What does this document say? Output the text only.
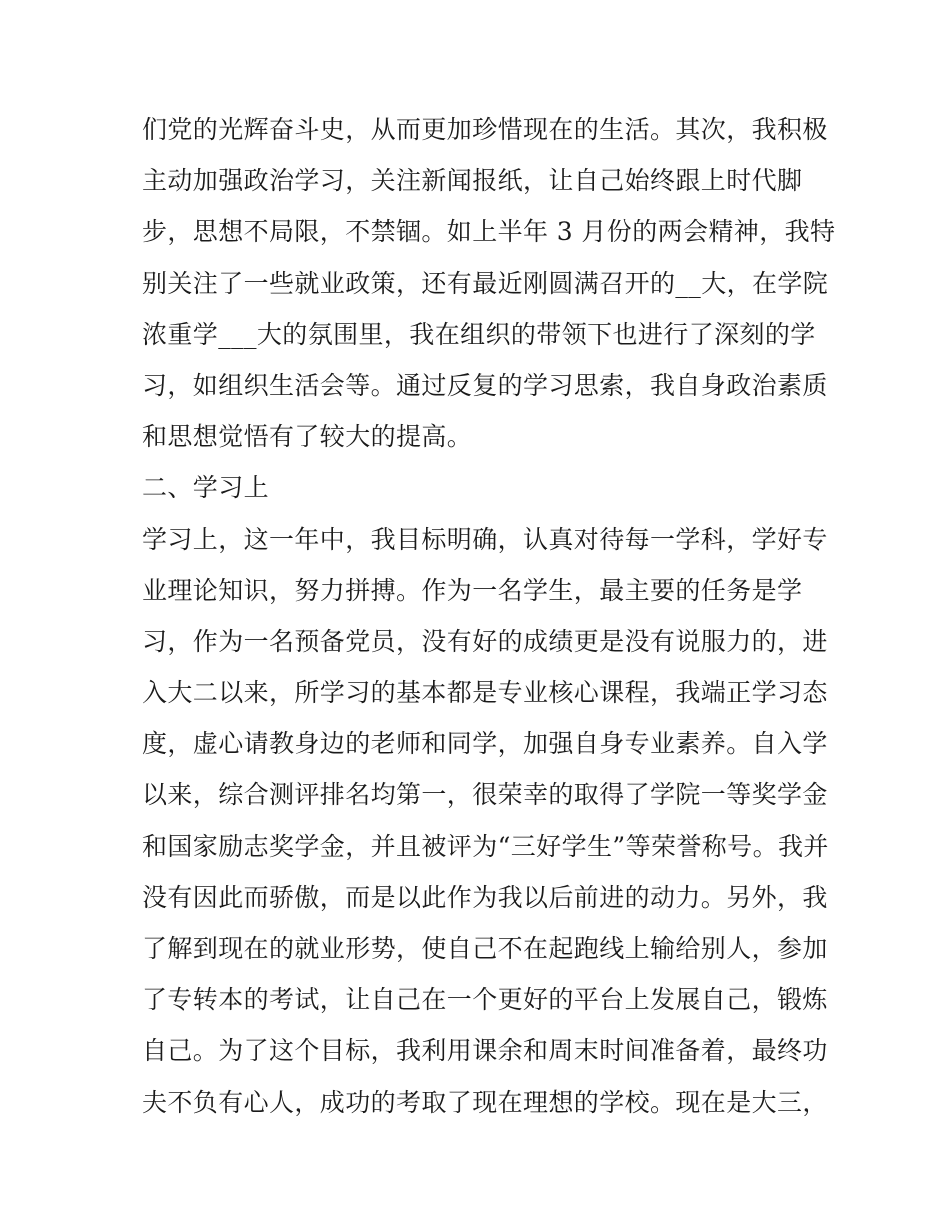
们党的光辉奋斗史，从而更加珍惜现在的生活。其次，我积极
主动加强政治学习，关注新闻报纸，让自己始终跟上时代脚
步，思想不局限，不禁锢。如上半年 3 月份的两会精神，我特
别关注了一些就业政策，还有最近刚圆满召开的__大，在学院
浓重学___大的氛围里，我在组织的带领下也进行了深刻的学
习，如组织生活会等。通过反复的学习思索，我自身政治素质
和思想觉悟有了较大的提高。
二、学习上
学习上，这一年中，我目标明确，认真对待每一学科，学好专
业理论知识，努力拼搏。作为一名学生，最主要的任务是学
习，作为一名预备党员，没有好的成绩更是没有说服力的，进
入大二以来，所学习的基本都是专业核心课程，我端正学习态
度，虚心请教身边的老师和同学，加强自身专业素养。自入学
以来，综合测评排名均第一，很荣幸的取得了学院一等奖学金
和国家励志奖学金，并且被评为“三好学生”等荣誉称号。我并
没有因此而骄傲，而是以此作为我以后前进的动力。另外，我
了解到现在的就业形势，使自己不在起跑线上输给别人，参加
了专转本的考试，让自己在一个更好的平台上发展自己，锻炼
自己。为了这个目标，我利用课余和周末时间准备着，最终功
夫不负有心人，成功的考取了现在理想的学校。现在是大三，
